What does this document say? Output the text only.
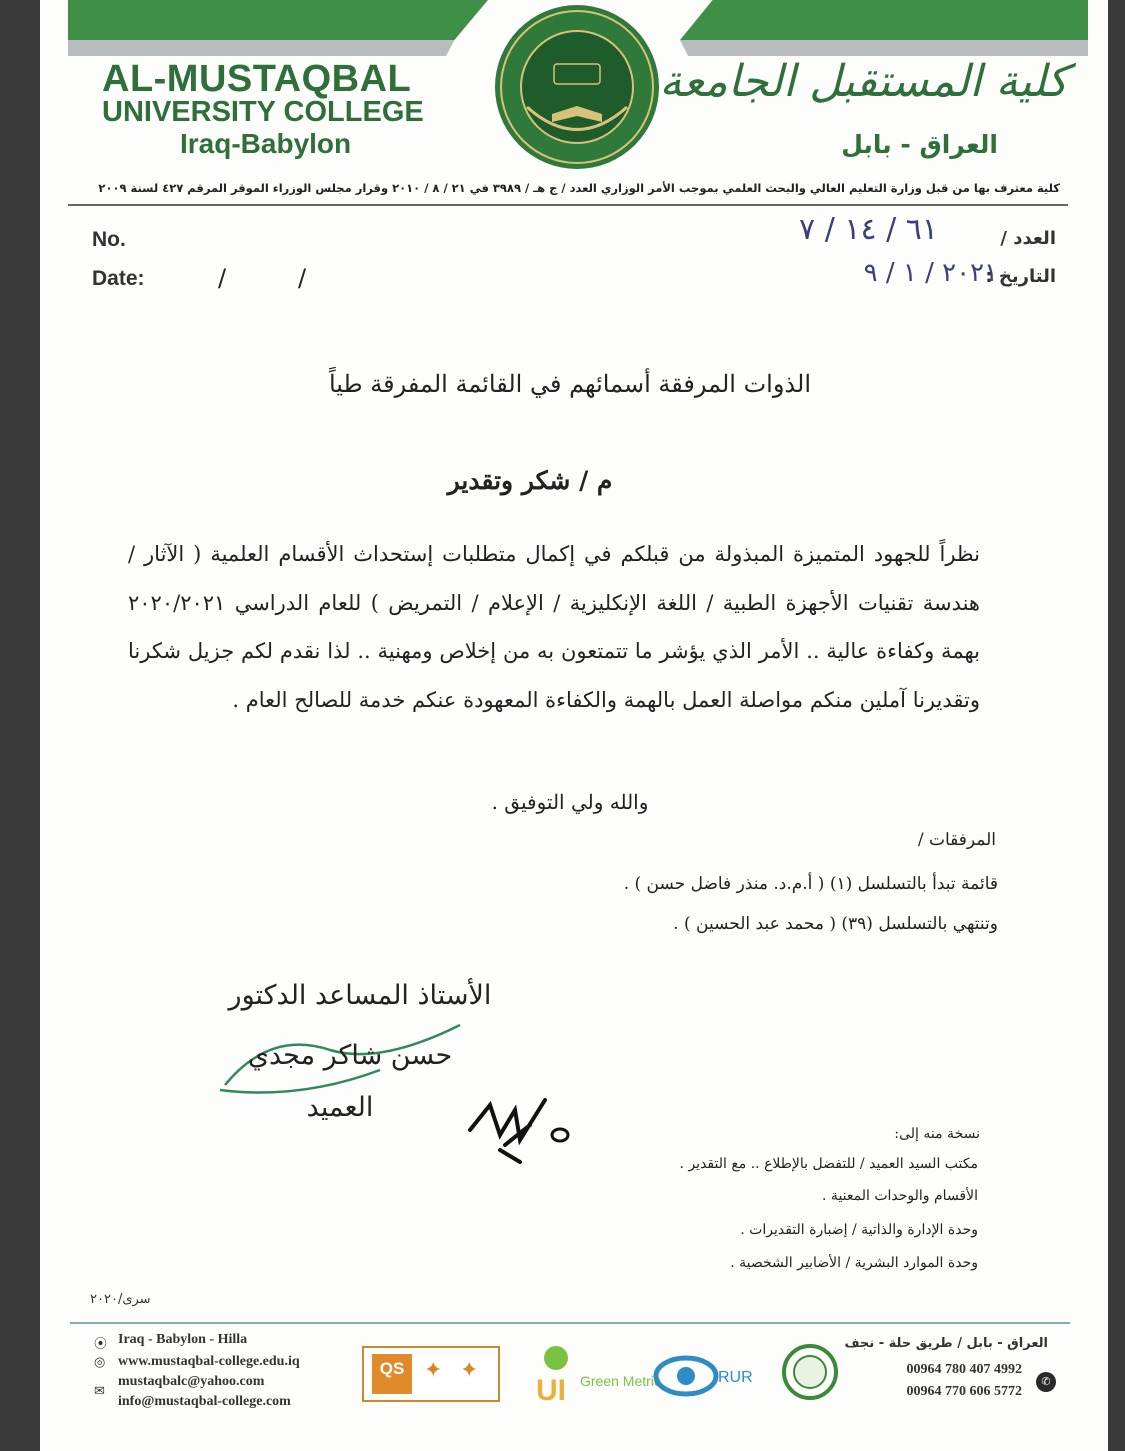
AL-MUSTAQBAL
UNIVERSITY COLLEGE
Iraq-Babylon
كلية المستقبل الجامعة
العراق - بابل
كلية معترف بها من قبل وزارة التعليم العالي والبحث العلمي بموجب الأمر الوزاري العدد / ج هـ / ٣٩٨٩ في ٢١ / ٨ / ٢٠١٠ وقرار مجلس الوزراء الموقر المرقم ٤٢٧ لسنة ٢٠٠٩
No.
Date:	/	/
العدد /
التاريخ :
٦١ / ١٤ / ٧
٢٠٢١ / ١ / ٩
الذوات المرفقة أسمائهم في القائمة المفرقة طياً
م / شكر وتقدير
نظراً للجهود المتميزة المبذولة من قبلكم في إكمال متطلبات إستحداث الأقسام العلمية ( الآثار / هندسة تقنيات الأجهزة الطبية / اللغة الإنكليزية / الإعلام / التمريض ) للعام الدراسي ٢٠٢٠/٢٠٢١ بهمة وكفاءة عالية .. الأمر الذي يؤشر ما تتمتعون به من إخلاص ومهنية .. لذا نقدم لكم جزيل شكرنا وتقديرنا آملين منكم مواصلة العمل بالهمة والكفاءة المعهودة عنكم خدمة للصالح العام .
والله ولي التوفيق .
المرفقات /
قائمة تبدأ بالتسلسل (١) ( أ.م.د. منذر فاضل حسن ) .
وتنتهي بالتسلسل (٣٩) ( محمد عبد الحسين ) .
الأستاذ المساعد الدكتور
حسن شاكر مجدي
العميد
نسخة منه إلى:
مكتب السيد العميد / للتفضل بالإطلاع .. مع التقدير .
الأقسام والوحدات المعنية .
وحدة الإدارة والذاتية / إضبارة التقديرات .
وحدة الموارد البشرية / الأضابير الشخصية .
سرى/٢٠٢٠
⦿ Iraq - Babylon - Hilla
◎ www.mustaqbal-college.edu.iq
✉
mustaqbalc@yahoo.com
info@mustaqbal-college.com
QS ✦ ✦
UI Green Metric	RUR
العراق - بابل / طريق حلة - نجف
00964 780 407 4992
00964 770 606 5772
✆
